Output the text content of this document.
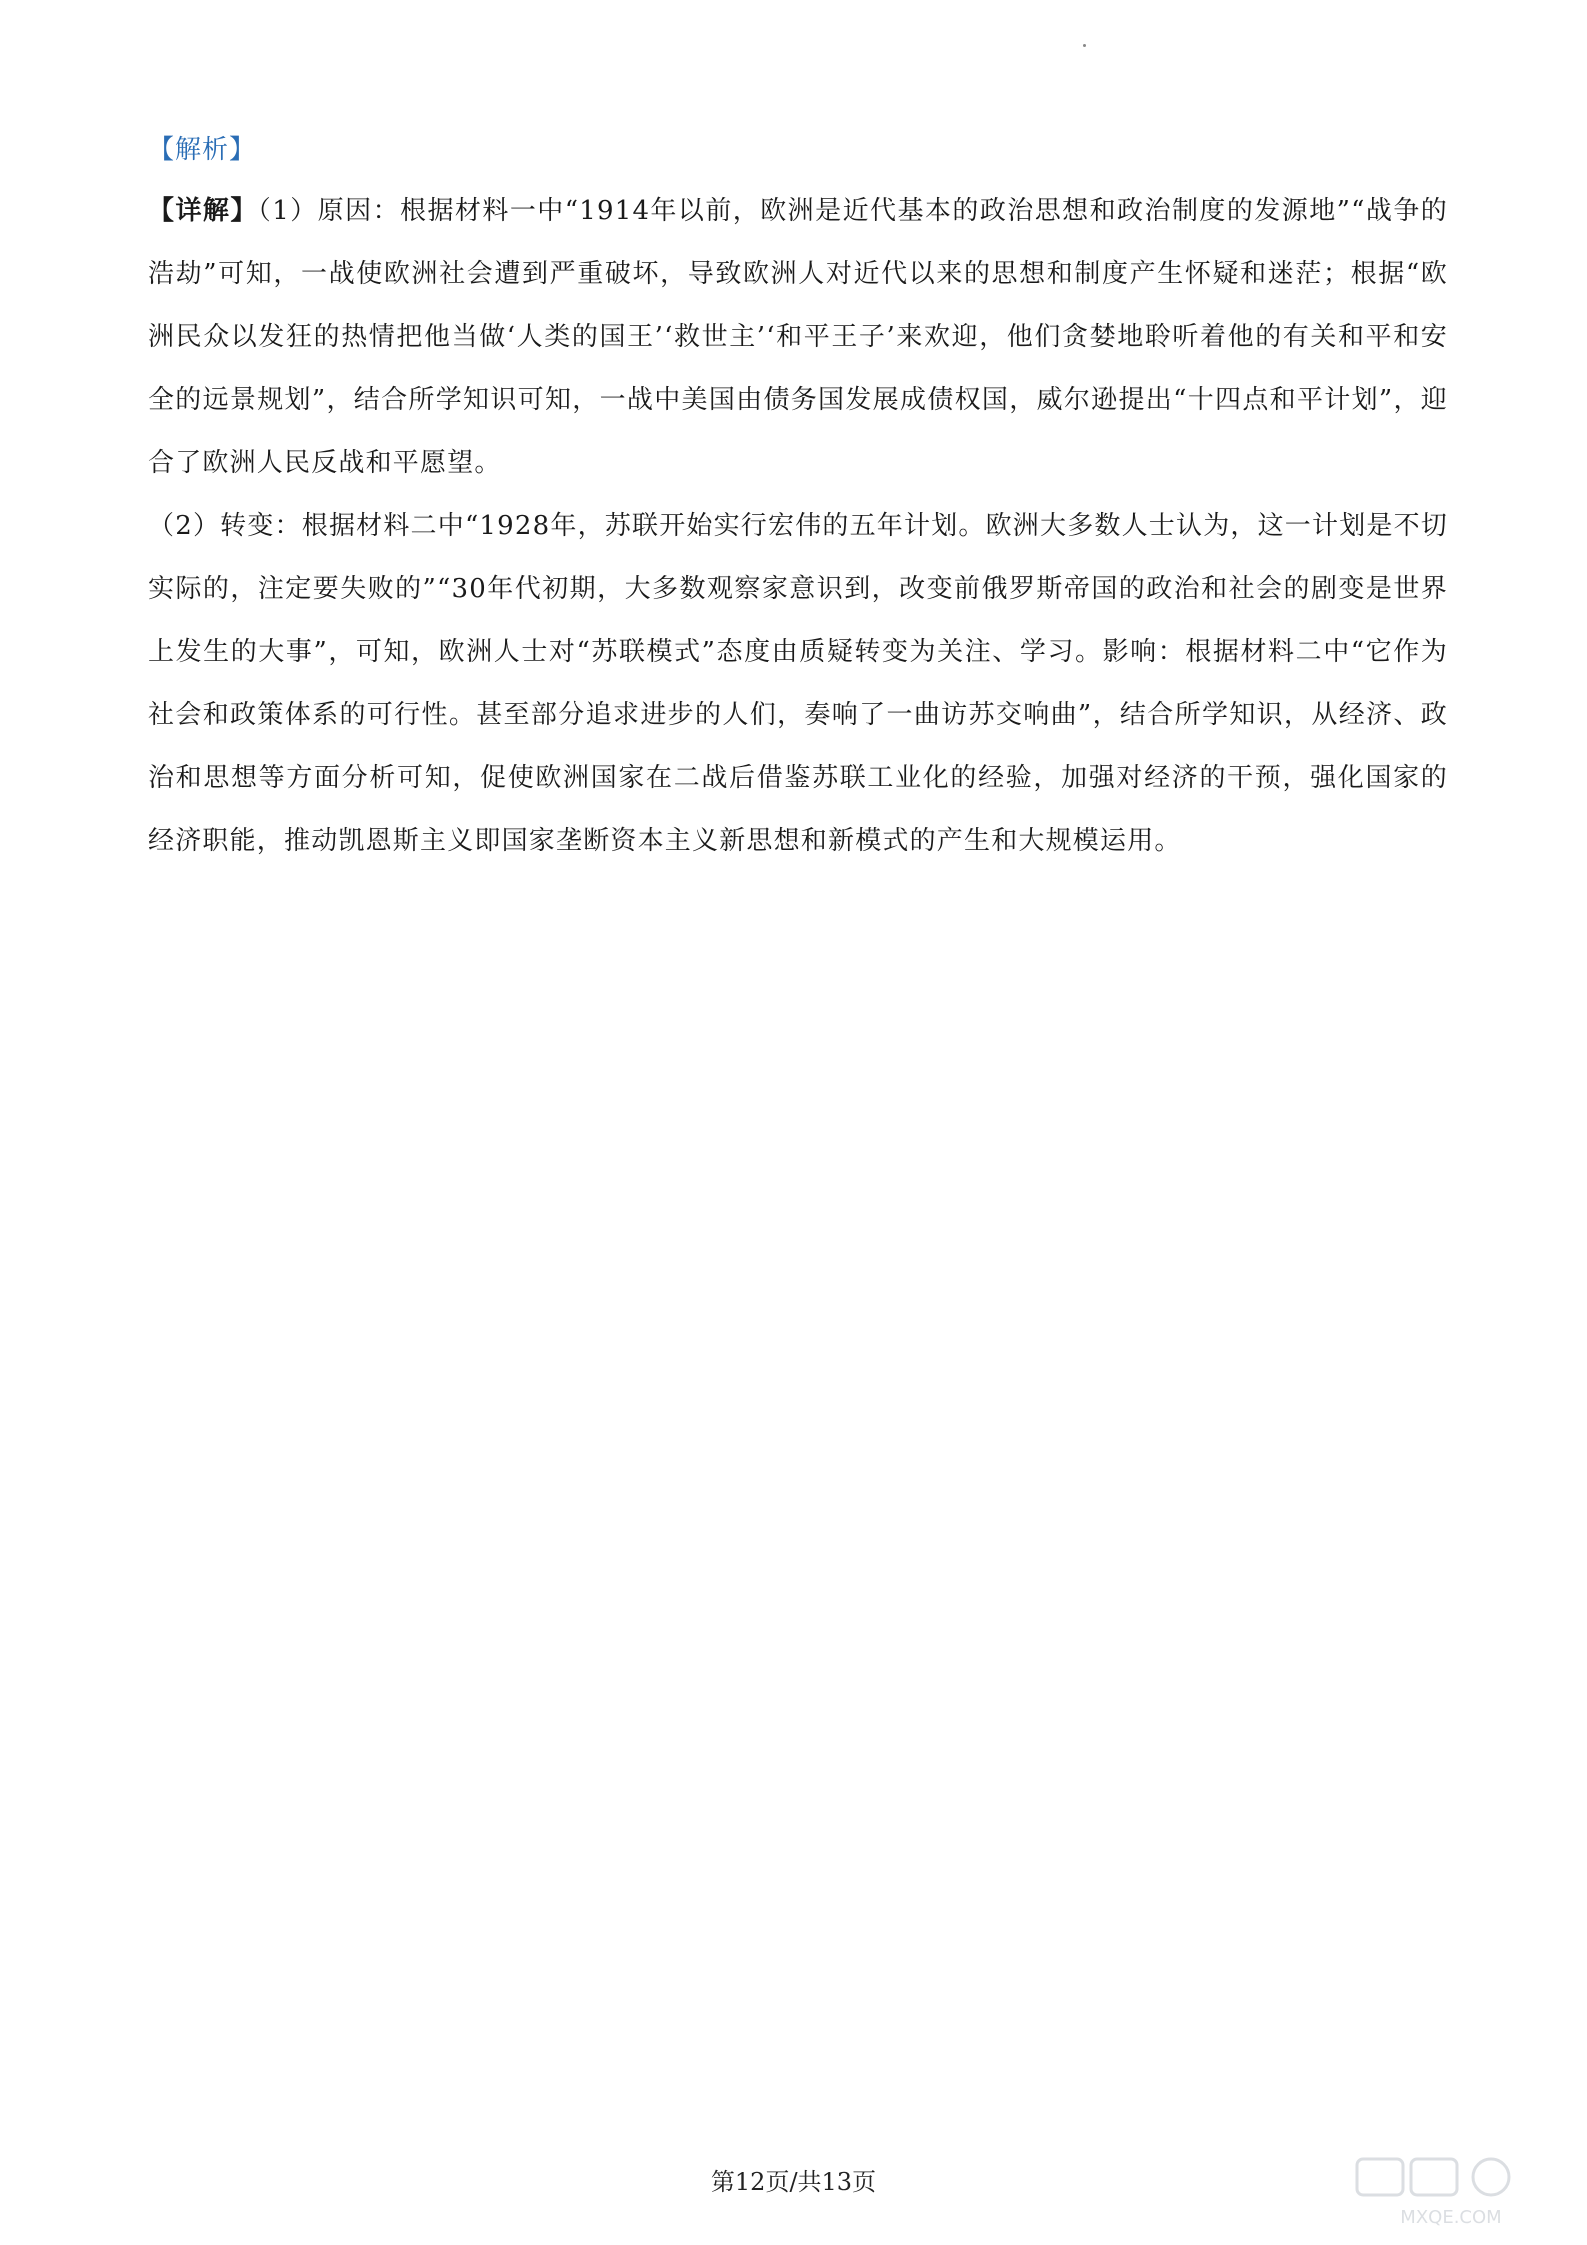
【解析】

【详解】（1）原因：根据材料一中“1914年以前，欧洲是近代基本的政治思想和政治制度的发源地”“战争的浩劫”可知，一战使欧洲社会遭到严重破坏，导致欧洲人对近代以来的思想和制度产生怀疑和迷茫；根据“欧洲民众以发狂的热情把他当做‘人类的国王’‘救世主’‘和平王子’来欢迎，他们贪婪地聆听着他的有关和平和安全的远景规划”，结合所学知识可知，一战中美国由债务国发展成债权国，威尔逊提出“十四点和平计划”，迎合了欧洲人民反战和平愿望。

（2）转变：根据材料二中“1928年，苏联开始实行宏伟的五年计划。欧洲大多数人士认为，这一计划是不切实际的，注定要失败的”“30年代初期，大多数观察家意识到，改变前俄罗斯帝国的政治和社会的剧变是世界上发生的大事”，可知，欧洲人士对“苏联模式”态度由质疑转变为关注、学习。影响：根据材料二中“它作为社会和政策体系的可行性。甚至部分追求进步的人们，奏响了一曲访苏交响曲”，结合所学知识，从经济、政治和思想等方面分析可知，促使欧洲国家在二战后借鉴苏联工业化的经验，加强对经济的干预，强化国家的经济职能，推动凯恩斯主义即国家垄断资本主义新思想和新模式的产生和大规模运用。

第12页/共13页
MXQE.COM
